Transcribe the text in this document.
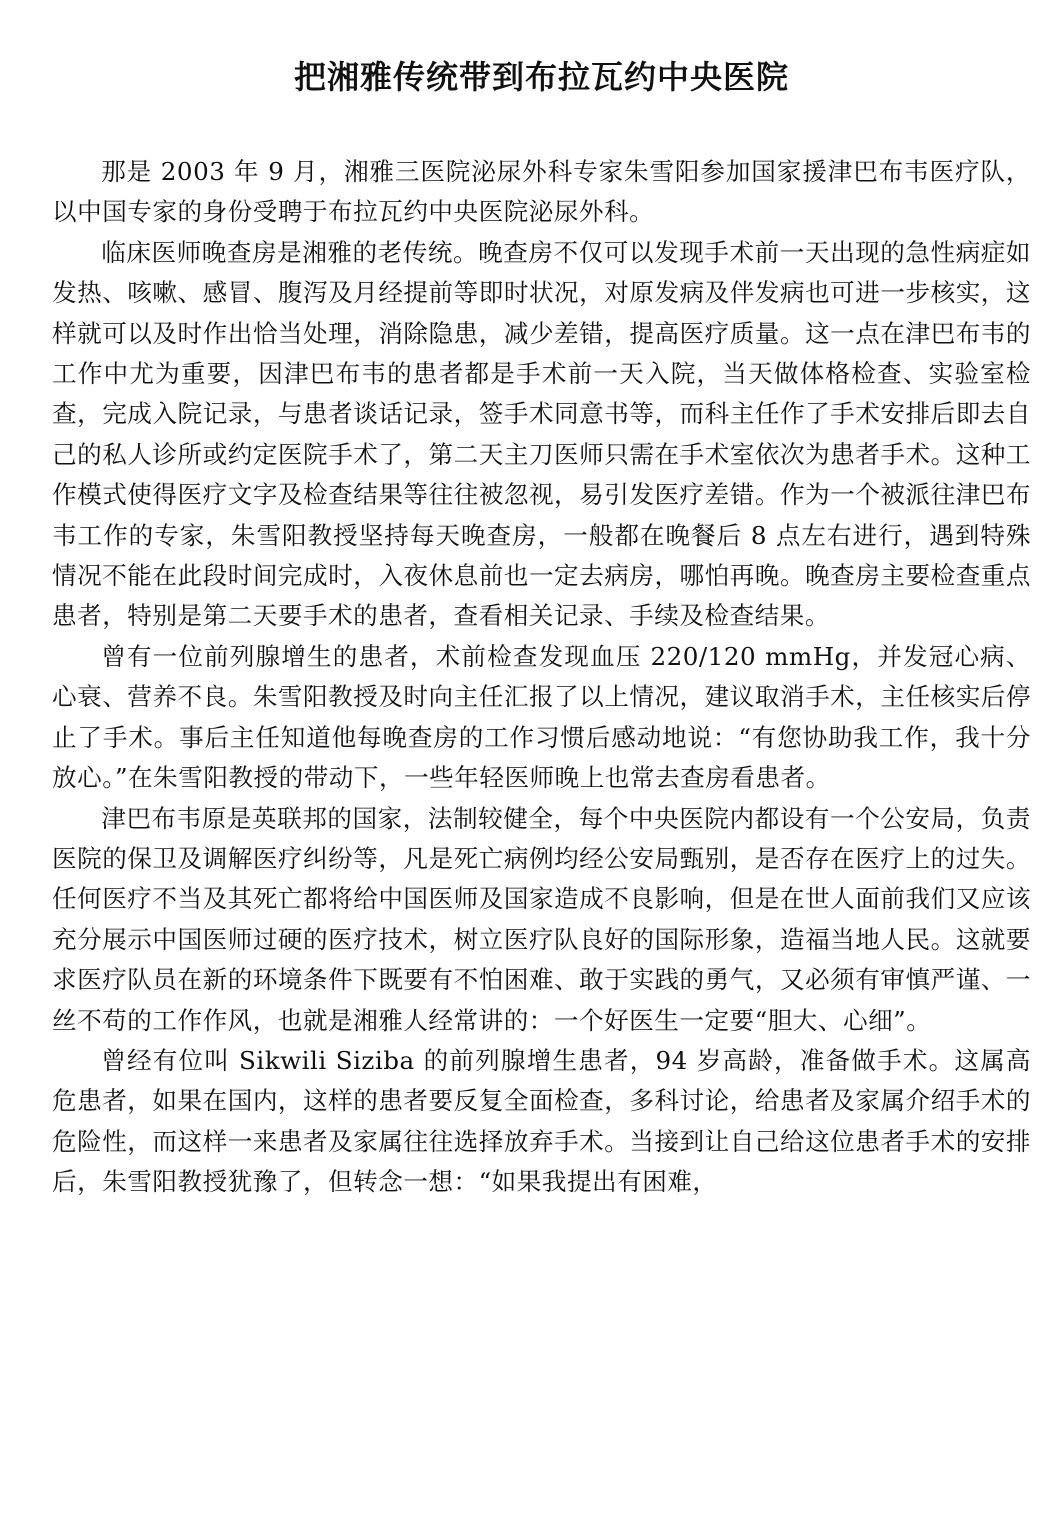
把湘雅传统带到布拉瓦约中央医院

那是 2003 年 9 月，湘雅三医院泌尿外科专家朱雪阳参加国家援津巴布韦医疗队，以中国专家的身份受聘于布拉瓦约中央医院泌尿外科。

临床医师晚查房是湘雅的老传统。晚查房不仅可以发现手术前一天出现的急性病症如发热、咳嗽、感冒、腹泻及月经提前等即时状况，对原发病及伴发病也可进一步核实，这样就可以及时作出恰当处理，消除隐患，减少差错，提高医疗质量。这一点在津巴布韦的工作中尤为重要，因津巴布韦的患者都是手术前一天入院，当天做体格检查、实验室检查，完成入院记录，与患者谈话记录，签手术同意书等，而科主任作了手术安排后即去自己的私人诊所或约定医院手术了，第二天主刀医师只需在手术室依次为患者手术。这种工作模式使得医疗文字及检查结果等往往被忽视，易引发医疗差错。作为一个被派往津巴布韦工作的专家，朱雪阳教授坚持每天晚查房，一般都在晚餐后 8 点左右进行，遇到特殊情况不能在此段时间完成时，入夜休息前也一定去病房，哪怕再晚。晚查房主要检查重点患者，特别是第二天要手术的患者，查看相关记录、手续及检查结果。

曾有一位前列腺增生的患者，术前检查发现血压 220/120 mmHg，并发冠心病、心衰、营养不良。朱雪阳教授及时向主任汇报了以上情况，建议取消手术，主任核实后停止了手术。事后主任知道他每晚查房的工作习惯后感动地说：“有您协助我工作，我十分放心。”在朱雪阳教授的带动下，一些年轻医师晚上也常去查房看患者。

津巴布韦原是英联邦的国家，法制较健全，每个中央医院内都设有一个公安局，负责医院的保卫及调解医疗纠纷等，凡是死亡病例均经公安局甄别，是否存在医疗上的过失。任何医疗不当及其死亡都将给中国医师及国家造成不良影响，但是在世人面前我们又应该充分展示中国医师过硬的医疗技术，树立医疗队良好的国际形象，造福当地人民。这就要求医疗队员在新的环境条件下既要有不怕困难、敢于实践的勇气，又必须有审慎严谨、一丝不苟的工作作风，也就是湘雅人经常讲的：一个好医生一定要“胆大、心细”。

曾经有位叫 Sikwili Siziba 的前列腺增生患者，94 岁高龄，准备做手术。这属高危患者，如果在国内，这样的患者要反复全面检查，多科讨论，给患者及家属介绍手术的危险性，而这样一来患者及家属往往选择放弃手术。当接到让自己给这位患者手术的安排后，朱雪阳教授犹豫了，但转念一想：“如果我提出有困难，
